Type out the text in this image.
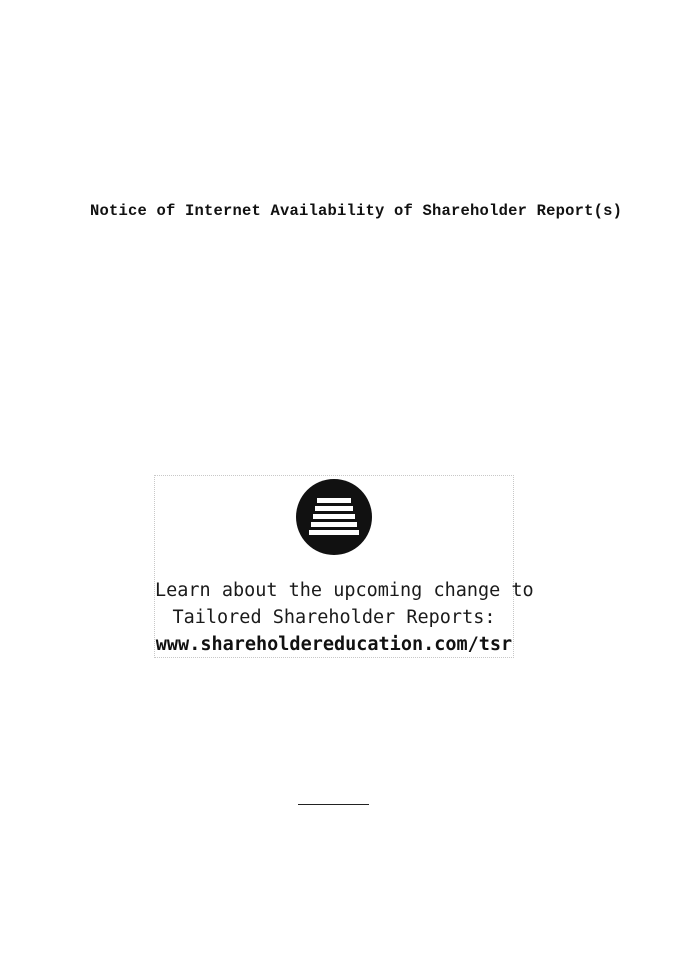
Notice of Internet Availability of Shareholder Report(s)
Learn about the upcoming change to
Tailored Shareholder Reports:
www.shareholdereducation.com/tsr
